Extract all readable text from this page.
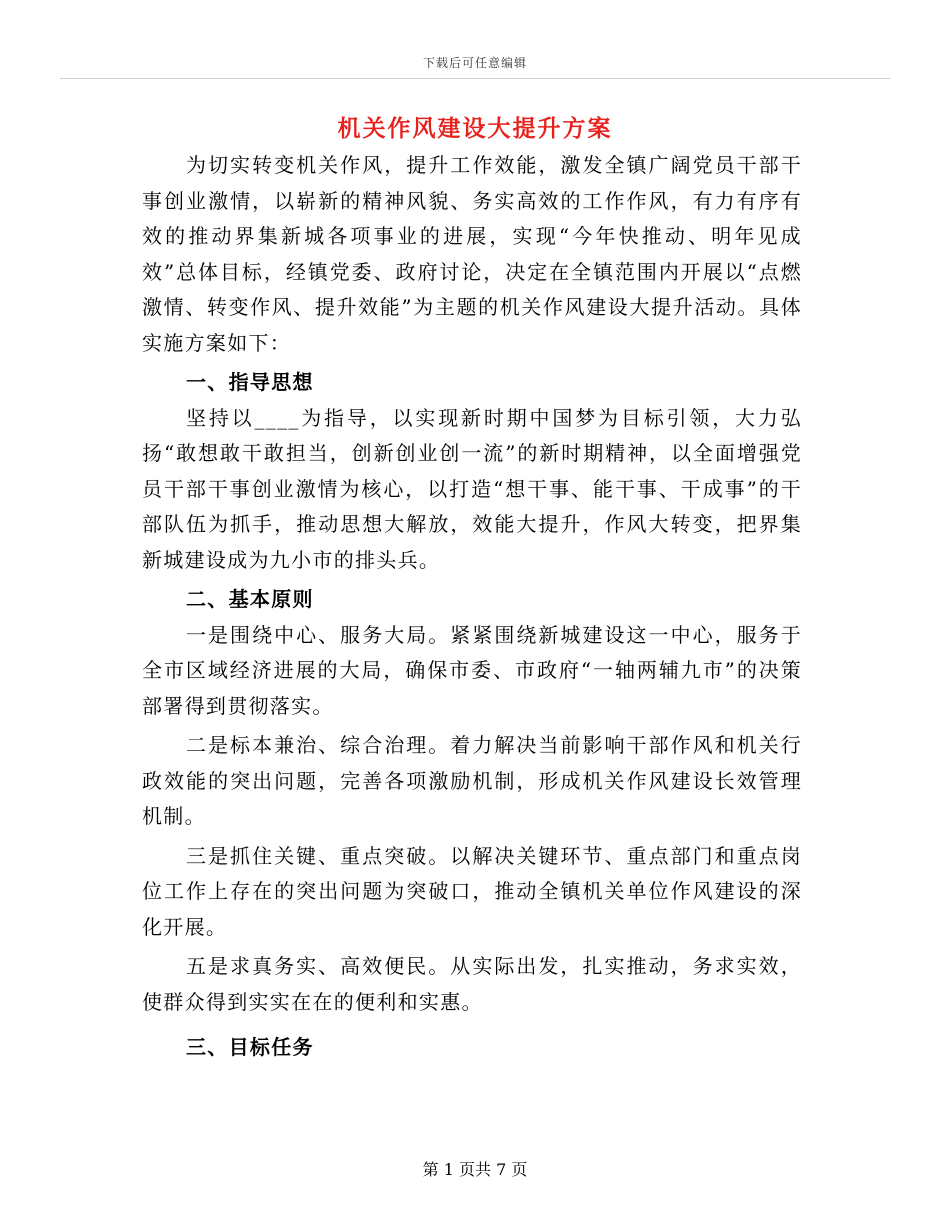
下载后可任意编辑
机关作风建设大提升方案

为切实转变机关作风，提升工作效能，激发全镇广阔党员干部干事创业激情，以崭新的精神风貌、务实高效的工作作风，有力有序有效的推动界集新城各项事业的进展，实现“今年快推动、明年见成效”总体目标，经镇党委、政府讨论，决定在全镇范围内开展以“点燃激情、转变作风、提升效能”为主题的机关作风建设大提升活动。具体实施方案如下：

一、指导思想

坚持以____为指导，以实现新时期中国梦为目标引领，大力弘扬“敢想敢干敢担当，创新创业创一流”的新时期精神，以全面增强党员干部干事创业激情为核心，以打造“想干事、能干事、干成事”的干部队伍为抓手，推动思想大解放，效能大提升，作风大转变，把界集新城建设成为九小市的排头兵。

二、基本原则

一是围绕中心、服务大局。紧紧围绕新城建设这一中心，服务于全市区域经济进展的大局，确保市委、市政府“一轴两辅九市”的决策部署得到贯彻落实。

二是标本兼治、综合治理。着力解决当前影响干部作风和机关行政效能的突出问题，完善各项激励机制，形成机关作风建设长效管理机制。

三是抓住关键、重点突破。以解决关键环节、重点部门和重点岗位工作上存在的突出问题为突破口，推动全镇机关单位作风建设的深化开展。

五是求真务实、高效便民。从实际出发，扎实推动，务求实效，使群众得到实实在在的便利和实惠。

三、目标任务
第 1 页共 7 页
